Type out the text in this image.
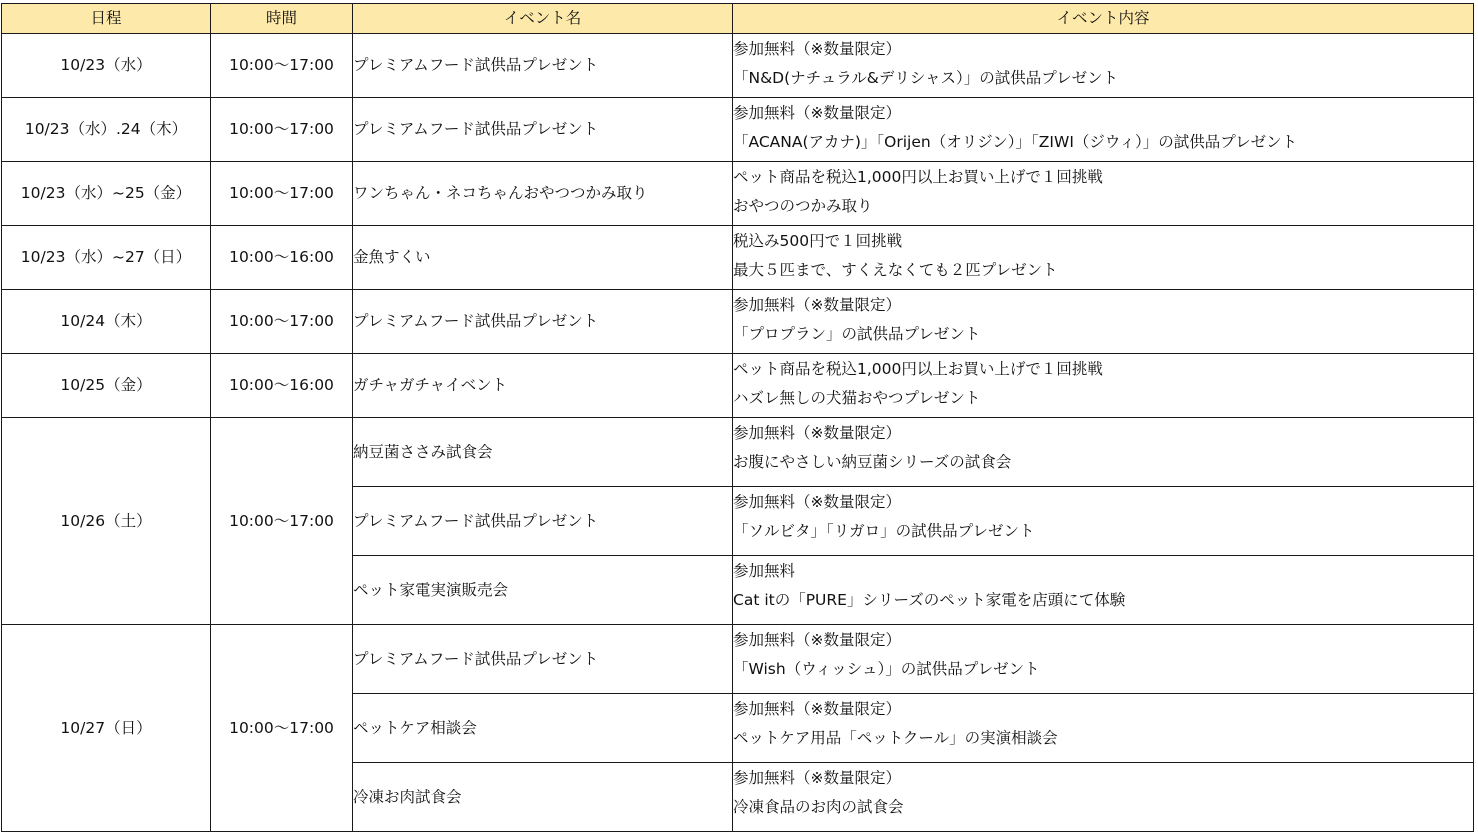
日程	時間	イベント名	イベント内容
10/23（水）	10:00～17:00	プレミアムフード試供品プレゼント	参加無料（※数量限定）
「N&D(ナチュラル&デリシャス）」の試供品プレゼント

10/23（水）.24（木）	10:00～17:00	プレミアムフード試供品プレゼント	参加無料（※数量限定）
「ACANA(アカナ)」「Orijen（オリジン）」「ZIWI（ジウィ）」の試供品プレゼント

10/23（水）~25（金）	10:00～17:00	ワンちゃん・ネコちゃんおやつつかみ取り	ペット商品を税込1,000円以上お買い上げで１回挑戦
おやつのつかみ取り

10/23（水）~27（日）	10:00～16:00	金魚すくい	税込み500円で１回挑戦
最大５匹まで、すくえなくても２匹プレゼント

10/24（木）	10:00～17:00	プレミアムフード試供品プレゼント	参加無料（※数量限定）
「プロプラン」の試供品プレゼント

10/25（金）	10:00～16:00	ガチャガチャイベント	ペット商品を税込1,000円以上お買い上げで１回挑戦
ハズレ無しの犬猫おやつプレゼント

10/26（土）	10:00～17:00	納豆菌ささみ試食会	参加無料（※数量限定）
お腹にやさしい納豆菌シリーズの試食会

		プレミアムフード試供品プレゼント	参加無料（※数量限定）
「ソルビタ」「リガロ」の試供品プレゼント

		ペット家電実演販売会	参加無料
Cat itの「PURE」シリーズのペット家電を店頭にて体験

10/27（日）	10:00～17:00	プレミアムフード試供品プレゼント	参加無料（※数量限定）
「Wish（ウィッシュ）」の試供品プレゼント

		ペットケア相談会	参加無料（※数量限定）
ペットケア用品「ペットクール」の実演相談会

		冷凍お肉試食会	参加無料（※数量限定）
冷凍食品のお肉の試食会
